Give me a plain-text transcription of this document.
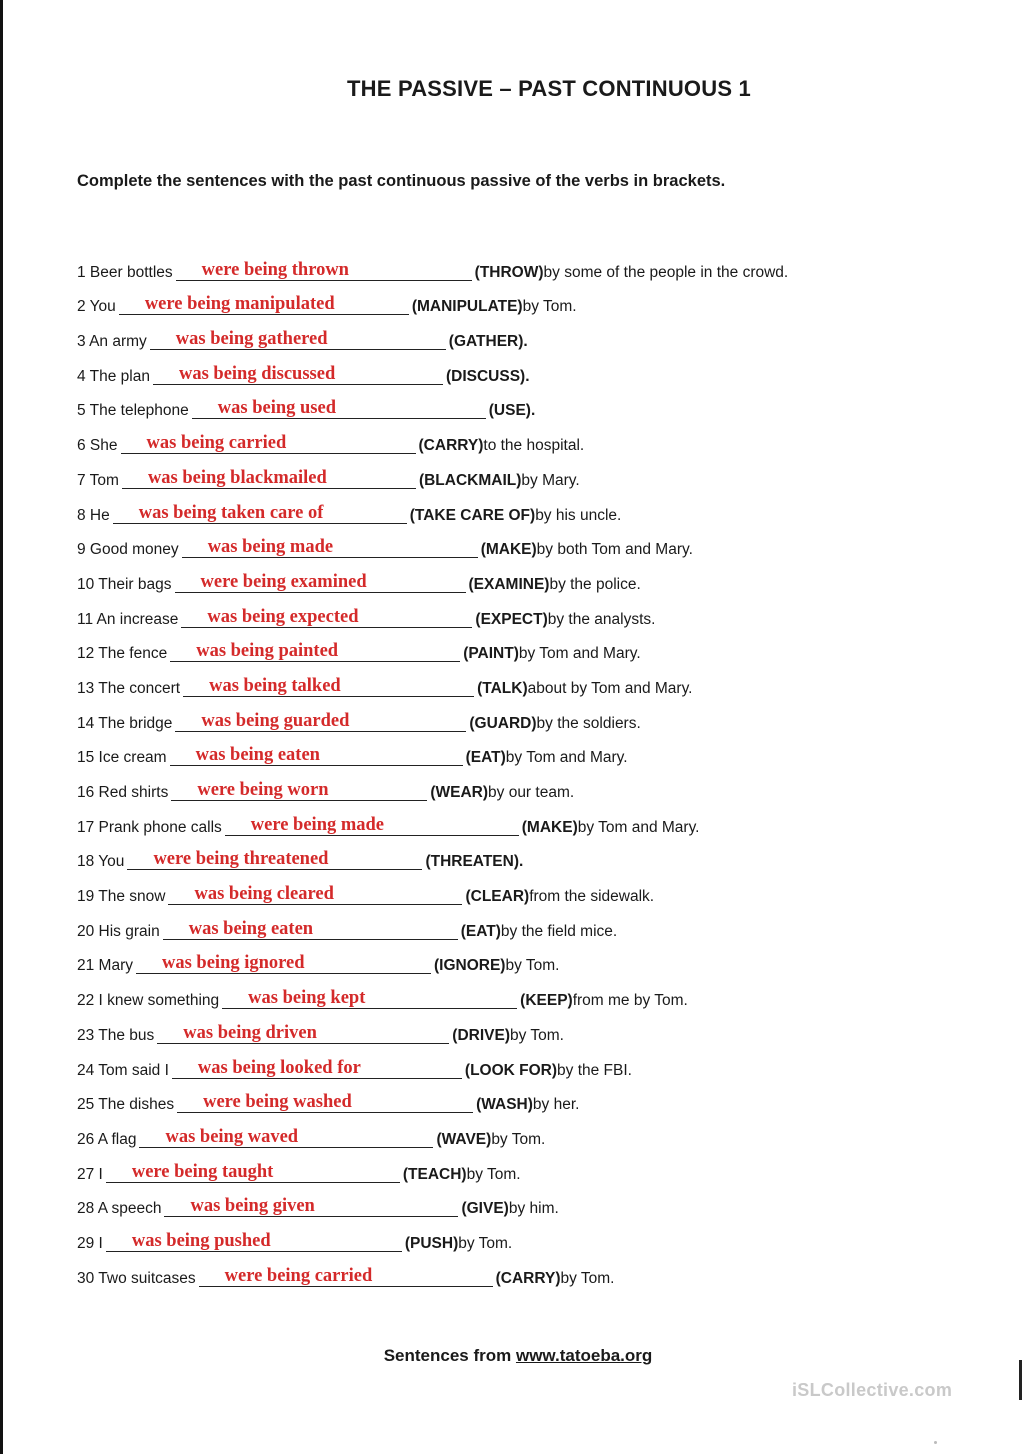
THE PASSIVE – PAST CONTINUOUS 1
Complete the sentences with the past continuous passive of the verbs in brackets.
1 Beer bottles were being thrown	(THROW) by some of the people in the crowd.
2 You were being manipulated	(MANIPULATE) by Tom.
3 An army was being gathered	(GATHER).
4 The plan was being discussed	(DISCUSS).
5 The telephone was being used	(USE).
6 She was being carried	(CARRY) to the hospital.
7 Tom was being blackmailed	(BLACKMAIL) by Mary.
8 He was being taken care of	(TAKE CARE OF) by his uncle.
9 Good money was being made	(MAKE) by both Tom and Mary.
10 Their bags were being examined	(EXAMINE) by the police.
11 An increase was being expected	(EXPECT) by the analysts.
12 The fence was being painted	(PAINT) by Tom and Mary.
13 The concert was being talked	(TALK) about by Tom and Mary.
14 The bridge was being guarded	(GUARD) by the soldiers.
15 Ice cream was being eaten	(EAT) by Tom and Mary.
16 Red shirts were being worn	(WEAR) by our team.
17 Prank phone calls were being made	(MAKE) by Tom and Mary.
18 You were being threatened	(THREATEN).
19 The snow was being cleared	(CLEAR) from the sidewalk.
20 His grain was being eaten	(EAT) by the field mice.
21 Mary was being ignored	(IGNORE) by Tom.
22 I knew something was being kept	(KEEP) from me by Tom.
23 The bus was being driven	(DRIVE) by Tom.
24 Tom said I was being looked for	(LOOK FOR) by the FBI.
25 The dishes were being washed	(WASH) by her.
26 A flag was being waved	(WAVE) by Tom.
27 I were being taught	(TEACH) by Tom.
28 A speech was being given	(GIVE) by him.
29 I was being pushed	(PUSH) by Tom.
30 Two suitcases were being carried	(CARRY) by Tom.
Sentences from www.tatoeba.org
iSLCollective.com
